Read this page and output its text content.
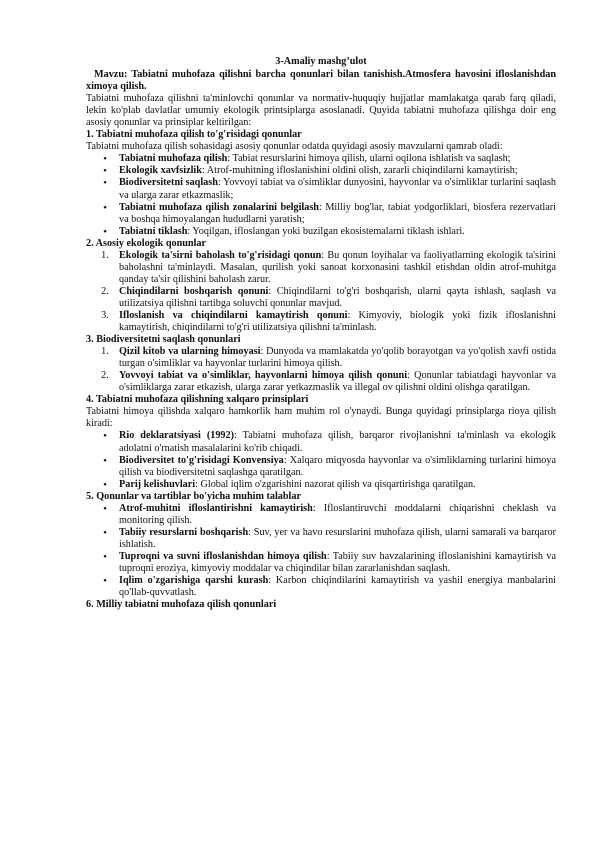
3-Amaliy mashg’ulot

Mavzu: Tabiatni muhofaza qilishni barcha qonunlari bilan tanishish.Atmosfera havosini ifloslanishdan ximoya qilish.

Tabiatni muhofaza qilishni ta'minlovchi qonunlar va normativ-huquqiy hujjatlar mamlakatga qarab farq qiladi, lekin ko'plab davlatlar umumiy ekologik printsiplarga asoslanadi. Quyida tabiatni muhofaza qilishga doir eng asosiy qonunlar va prinsiplar keltirilgan:

1. Tabiatni muhofaza qilish to'g'risidagi qonunlar

Tabiatni muhofaza qilish sohasidagi asosiy qonunlar odatda quyidagi asosiy mavzularni qamrab oladi:

•	Tabiatni muhofaza qilish: Tabiat resurslarini himoya qilish, ularni oqilona ishlatish va saqlash;
•	Ekologik xavfsizlik: Atrof-muhitning ifloslanishini oldini olish, zararli chiqindilarni kamaytirish;
•	Biodiversitetni saqlash: Yovvoyi tabiat va o'simliklar dunyosini, hayvonlar va o'simliklar turlarini saqlash va ularga zarar etkazmaslik;
•	Tabiatni muhofaza qilish zonalarini belgilash: Milliy bog'lar, tabiat yodgorliklari, biosfera rezervatlari va boshqa himoyalangan hududlarni yaratish;
•	Tabiatni tiklash: Yoqilgan, ifloslangan yoki buzilgan ekosistemalarni tiklash ishlari.
2. Asosiy ekologik qonunlar
1. Ekologik ta'sirni baholash to'g'risidagi qonun: Bu qonun loyihalar va faoliyatlarning ekologik ta'sirini baholashni ta'minlaydi. Masalan, qurilish yoki sanoat korxonasini tashkil etishdan oldin atrof-muhitga qanday ta'sir qilishini baholash zarur.
2. Chiqindilarni boshqarish qonuni: Chiqindilarni to'g'ri boshqarish, ularni qayta ishlash, saqlash va utilizatsiya qilishni tartibga soluvchi qonunlar mavjud.
3. Ifloslanish va chiqindilarni kamaytirish qonuni: Kimyoviy, biologik yoki fizik ifloslanishni kamaytirish, chiqindilarni to'g'ri utilizatsiya qilishni ta'minlash.
3. Biodiversitetni saqlash qonunlari
1. Qizil kitob va ularning himoyasi: Dunyoda va mamlakatda yo'qolib borayotgan va yo'qolish xavfi ostida turgan o'simliklar va hayvonlar turlarini himoya qilish.
2. Yovvoyi tabiat va o'simliklar, hayvonlarni himoya qilish qonuni: Qonunlar tabiatdagi hayvonlar va o'simliklarga zarar etkazish, ularga zarar yetkazmaslik va illegal ov qilishni oldini olishga qaratilgan.
4. Tabiatni muhofaza qilishning xalqaro prinsiplari

Tabiatni himoya qilishda xalqaro hamkorlik ham muhim rol o'ynaydi. Bunga quyidagi prinsiplarga rioya qilish kiradi:

•	Rio deklaratsiyasi (1992): Tabiatni muhofaza qilish, barqaror rivojlanishni ta'minlash va ekologik adolatni o'rnatish masalalarini ko'rib chiqadi.
•	Biodiversitet to'g'risidagi Konvensiya: Xalqaro miqyosda hayvonlar va o'simliklarning turlarini himoya qilish va biodiversitetni saqlashga qaratilgan.
•	Parij kelishuvlari: Global iqlim o'zgarishini nazorat qilish va qisqartirishga qaratilgan.
5. Qonunlar va tartiblar bo'yicha muhim talablar
•	Atrof-muhitni ifloslantirishni kamaytirish: Ifloslantiruvchi moddalarni chiqarishni cheklash va monitoring qilish.
•	Tabiiy resurslarni boshqarish: Suv, yer va havo resurslarini muhofaza qilish, ularni samarali va barqaror ishlatish.
•	Tuproqni va suvni ifloslanishdan himoya qilish: Tabiiy suv havzalarining ifloslanishini kamaytirish va tuproqni eroziya, kimyoviy moddalar va chiqindilar bilan zararlanishdan saqlash.
•	Iqlim o'zgarishiga qarshi kurash: Karbon chiqindilarini kamaytirish va yashil energiya manbalarini qo'llab-quvvatlash.
6. Milliy tabiatni muhofaza qilish qonunlari
